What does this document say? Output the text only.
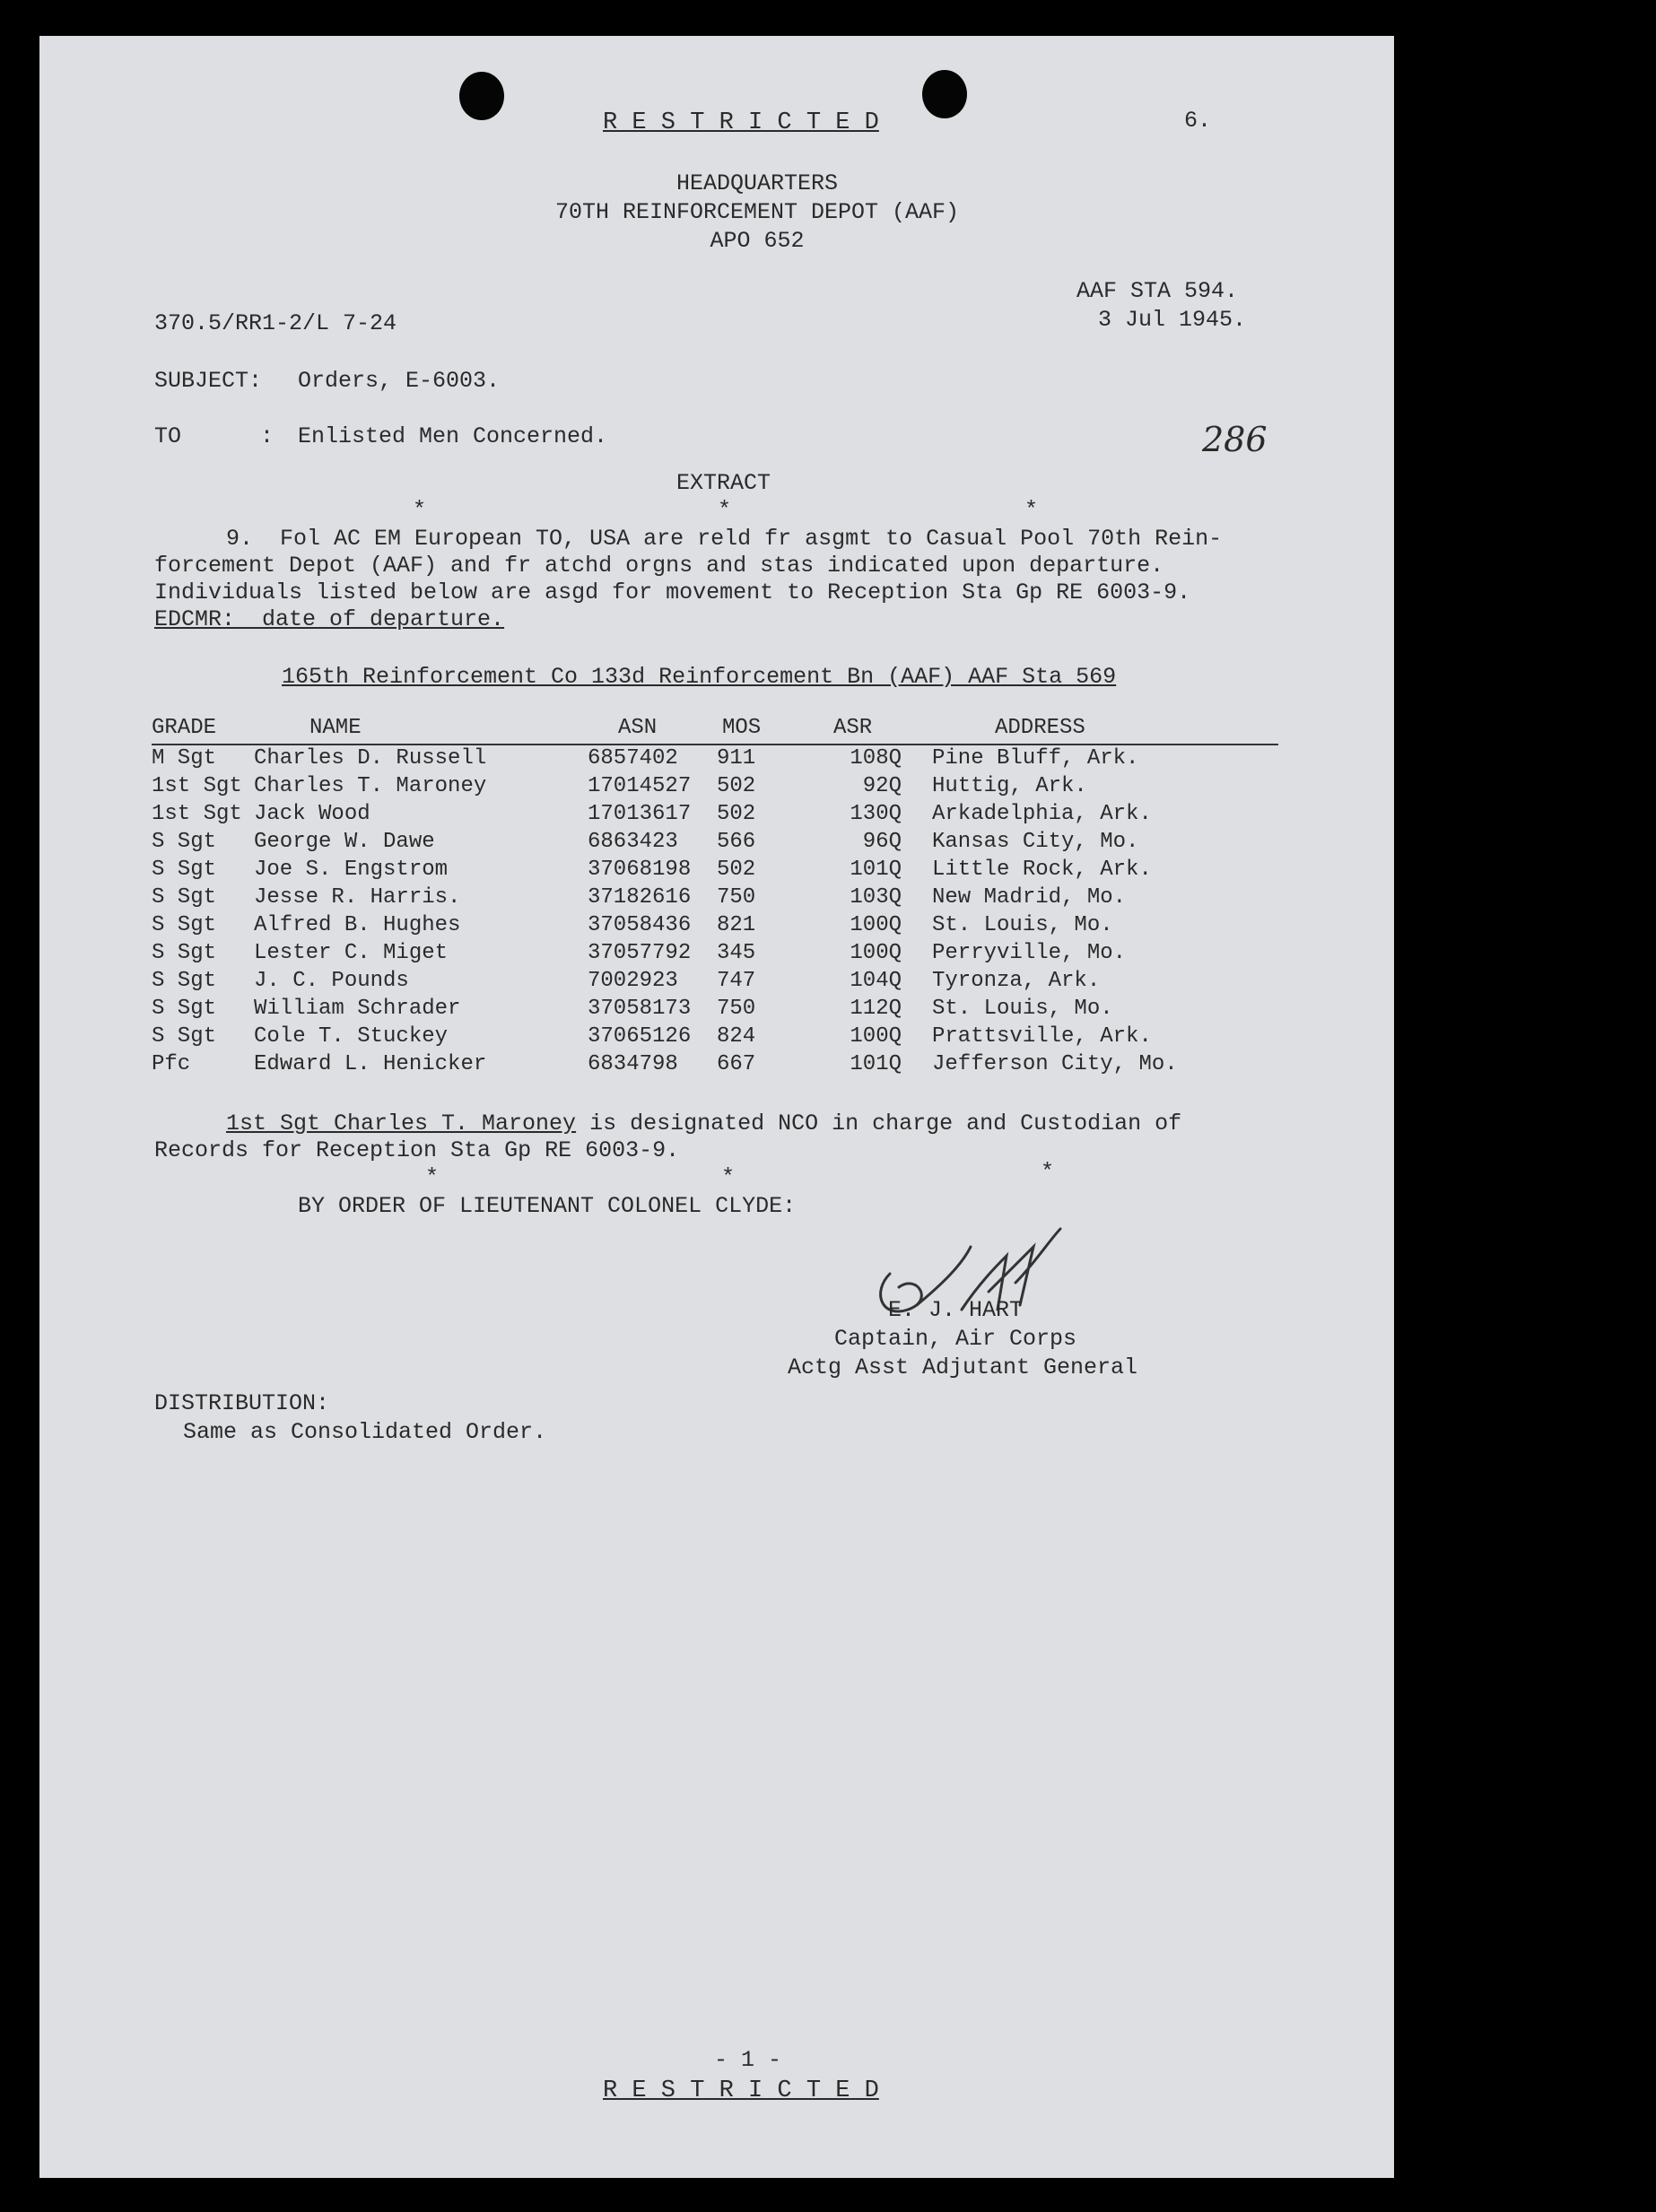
R E S T R I C T E D	6.
HEADQUARTERS
70TH REINFORCEMENT DEPOT (AAF)
APO 652
AAF STA 594.
3 Jul 1945.
370.5/RR1-2/L 7-24
SUBJECT: Orders, E-6003.
TO	: Enlisted Men Concerned.	286
EXTRACT
*	*	*
9.  Fol AC EM European TO, USA are reld fr asgmt to Casual Pool 70th Rein-
forcement Depot (AAF) and fr atchd orgns and stas indicated upon departure.
Individuals listed below are asgd for movement to Reception Sta Gp RE 6003-9.
EDCMR:  date of departure.
165th Reinforcement Co 133d Reinforcement Bn (AAF) AAF Sta 569
GRADE	NAME	ASN	MOS	ASR	ADDRESS
M Sgt Charles D. Russell	6857402 911	108Q Pine Bluff, Ark.
1st Sgt Charles T. Maroney	17014527 502	92Q Huttig, Ark.
1st Sgt Jack Wood	17013617 502	130Q Arkadelphia, Ark.
S Sgt George W. Dawe	6863423 566	96Q Kansas City, Mo.
S Sgt Joe S. Engstrom	37068198 502	101Q Little Rock, Ark.
S Sgt Jesse R. Harris.	37182616 750	103Q New Madrid, Mo.
S Sgt Alfred B. Hughes	37058436 821	100Q St. Louis, Mo.
S Sgt Lester C. Miget	37057792 345	100Q Perryville, Mo.
S Sgt J. C. Pounds	7002923 747	104Q Tyronza, Ark.
S Sgt William Schrader	37058173 750	112Q St. Louis, Mo.
S Sgt Cole T. Stuckey	37065126 824	100Q Prattsville, Ark.
Pfc	Edward L. Henicker	6834798 667	101Q Jefferson City, Mo.
1st Sgt Charles T. Maroney is designated NCO in charge and Custodian of
Records for Reception Sta Gp RE 6003-9.
*	*	*
BY ORDER OF LIEUTENANT COLONEL CLYDE:
E. J. HART
Captain, Air Corps
Actg Asst Adjutant General
DISTRIBUTION:
Same as Consolidated Order.
- 1 -
R E S T R I C T E D
